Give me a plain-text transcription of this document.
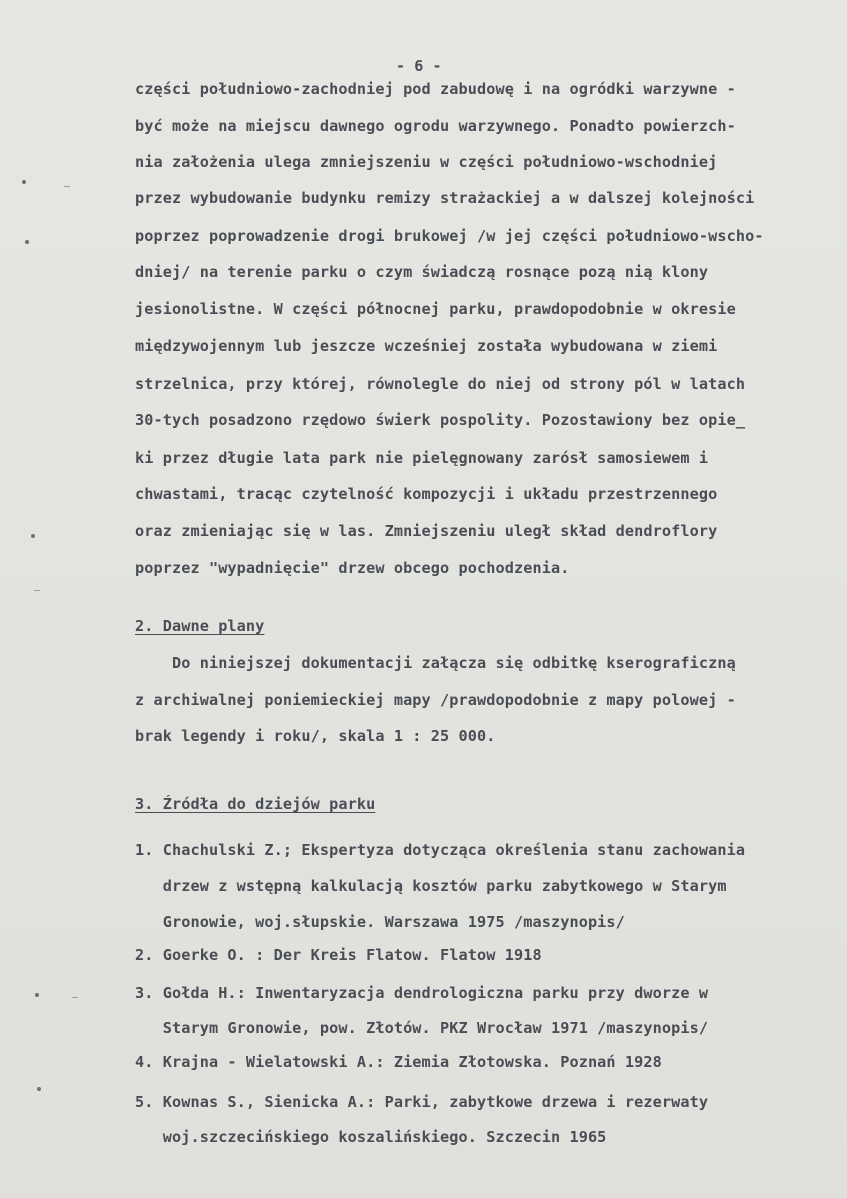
- 6 -
części południowo-zachodniej pod zabudowę i na ogródki warzywne -
być może na miejscu dawnego ogrodu warzywnego. Ponadto powierzch-
nia założenia ulega zmniejszeniu w części południowo-wschodniej
przez wybudowanie budynku remizy strażackiej a w dalszej kolejności
poprzez poprowadzenie drogi brukowej /w jej części południowo-wscho-
dniej/ na terenie parku o czym świadczą rosnące pozą nią klony
jesionolistne. W części północnej parku, prawdopodobnie w okresie
międzywojennym lub jeszcze wcześniej została wybudowana w ziemi
strzelnica, przy której, równolegle do niej od strony pól w latach
30-tych posadzono rzędowo świerk pospolity. Pozostawiony bez opie_
ki przez długie lata park nie pielęgnowany zarósł samosiewem i
chwastami, tracąc czytelność kompozycji i układu przestrzennego
oraz zmieniając się w las. Zmniejszeniu uległ skład dendroflory
poprzez "wypadnięcie" drzew obcego pochodzenia.
2. Dawne plany
Do niniejszej dokumentacji załącza się odbitkę kserograficzną
z archiwalnej poniemieckiej mapy /prawdopodobnie z mapy polowej -
brak legendy i roku/, skala 1 : 25 000.
3. Źródła do dziejów parku
1. Chachulski Z.; Ekspertyza dotycząca określenia stanu zachowania
drzew z wstępną kalkulacją kosztów parku zabytkowego w Starym
Gronowie, woj.słupskie. Warszawa 1975 /maszynopis/
2. Goerke O. : Der Kreis Flatow. Flatow 1918
3. Gołda H.: Inwentaryzacja dendrologiczna parku przy dworze w
Starym Gronowie, pow. Złotów. PKZ Wrocław 1971 /maszynopis/
4. Krajna - Wielatowski A.: Ziemia Złotowska. Poznań 1928
5. Kownas S., Sienicka A.: Parki, zabytkowe drzewa i rezerwaty
woj.szczecińskiego koszalińskiego. Szczecin 1965
